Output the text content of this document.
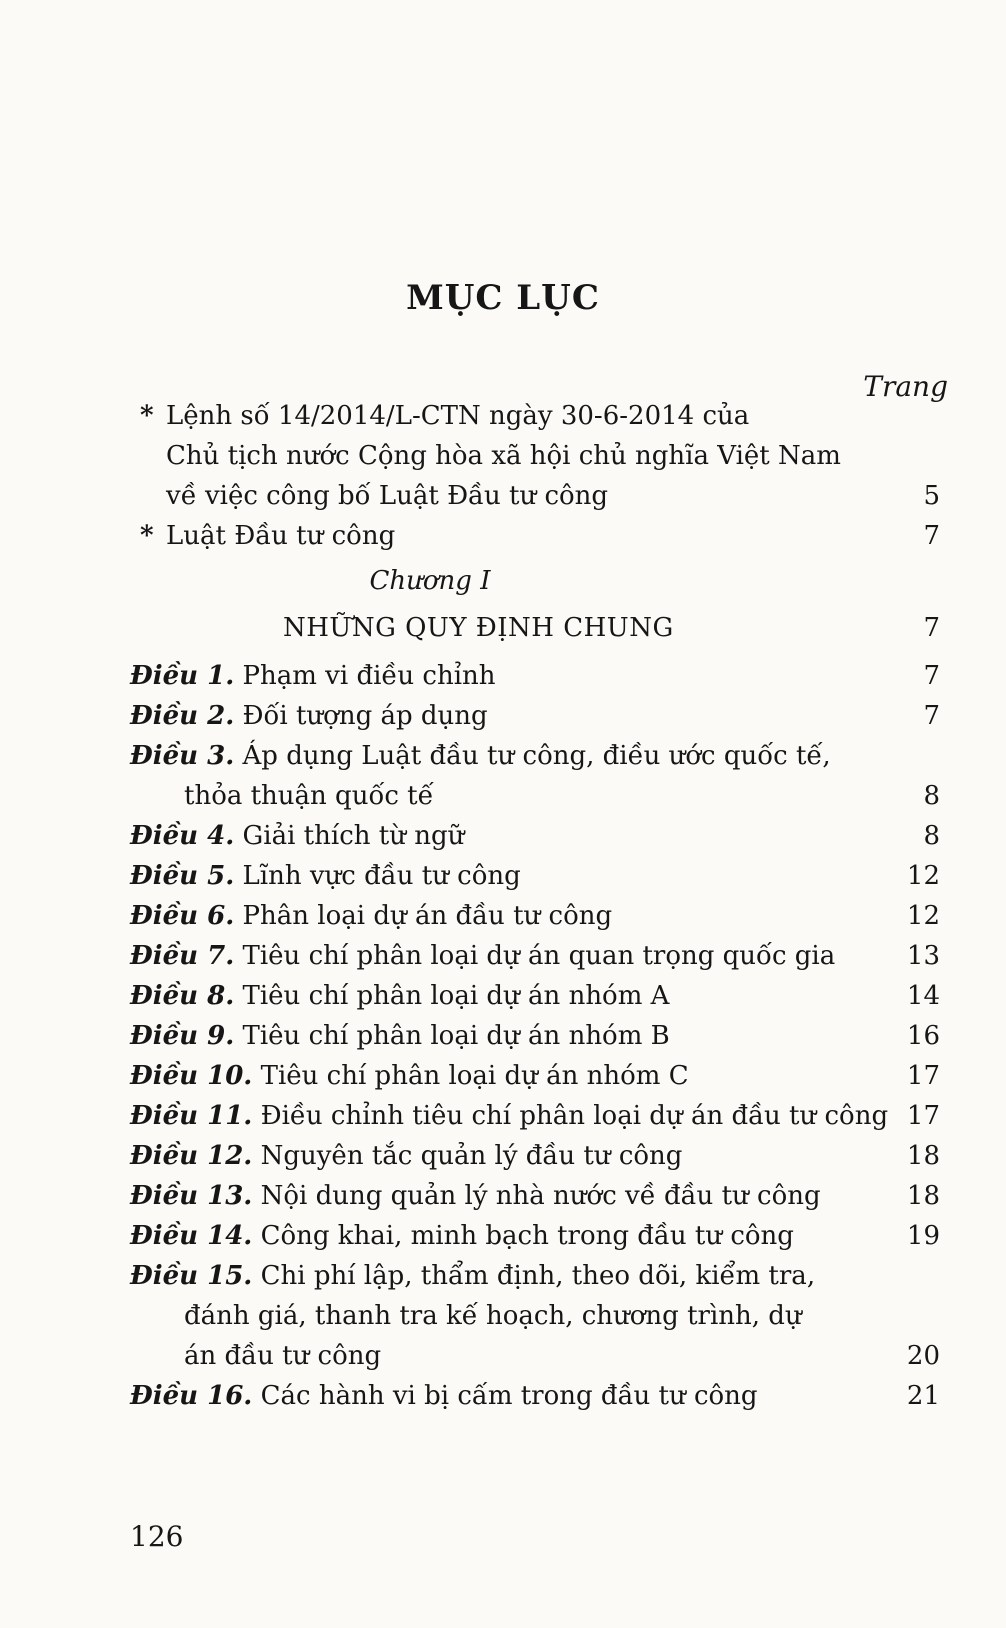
MỤC LỤC
Trang
* Lệnh số 14/2014/L-CTN ngày 30-6-2014 của
Chủ tịch nước Cộng hòa xã hội chủ nghĩa Việt Nam
về việc công bố Luật Đầu tư công	5
* Luật Đầu tư công	7
Chương I
NHỮNG QUY ĐỊNH CHUNG	7
Điều 1. Phạm vi điều chỉnh	7
Điều 2. Đối tượng áp dụng	7
Điều 3. Áp dụng Luật đầu tư công, điều ước quốc tế,
thỏa thuận quốc tế	8
Điều 4. Giải thích từ ngữ	8
Điều 5. Lĩnh vực đầu tư công	12
Điều 6. Phân loại dự án đầu tư công	12
Điều 7. Tiêu chí phân loại dự án quan trọng quốc gia	13
Điều 8. Tiêu chí phân loại dự án nhóm A	14
Điều 9. Tiêu chí phân loại dự án nhóm B	16
Điều 10. Tiêu chí phân loại dự án nhóm C	17
Điều 11. Điều chỉnh tiêu chí phân loại dự án đầu tư công 17
Điều 12. Nguyên tắc quản lý đầu tư công	18
Điều 13. Nội dung quản lý nhà nước về đầu tư công	18
Điều 14. Công khai, minh bạch trong đầu tư công	19
Điều 15. Chi phí lập, thẩm định, theo dõi, kiểm tra,
đánh giá, thanh tra kế hoạch, chương trình, dự
án đầu tư công	20
Điều 16. Các hành vi bị cấm trong đầu tư công	21
126
